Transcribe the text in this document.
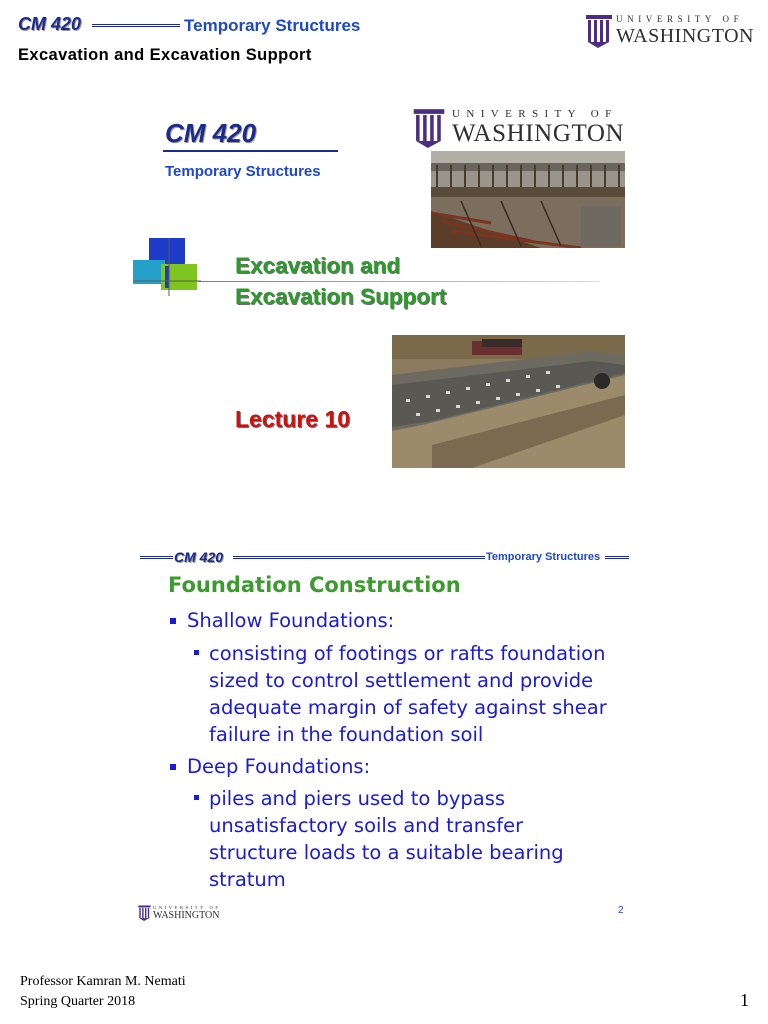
CM 420	Temporary Structures
Excavation and Excavation Support
UNIVERSITY OF
WASHINGTON
CM 420
Temporary Structures
UNIVERSITY OF
WASHINGTON
Excavation and
Excavation Support
Lecture 10
CM 420	Temporary Structures
Foundation Construction
Shallow Foundations:
consisting of footings or rafts foundation
sized to control settlement and provide
adequate margin of safety against shear
failure in the foundation soil
Deep Foundations:
piles and piers used to bypass
unsatisfactory soils and transfer
structure loads to a suitable bearing
stratum
UNIVERSITY OF
WASHINGTON	2
Professor Kamran M. Nemati
Spring Quarter 2018	1
